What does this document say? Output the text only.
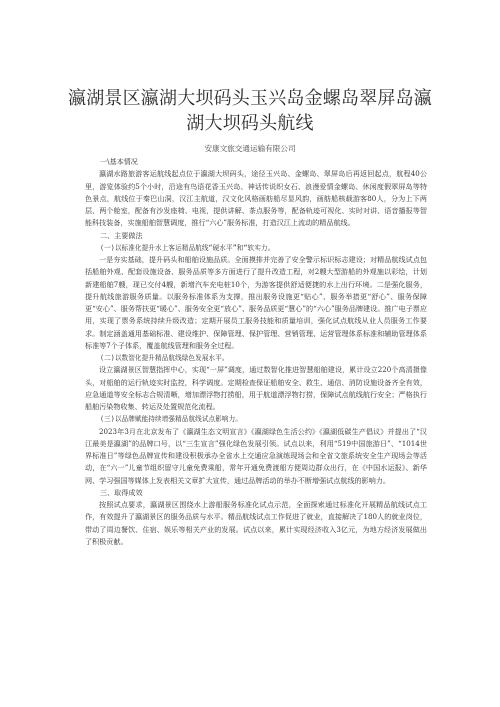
瀛湖景区瀛湖大坝码头玉兴岛金螺岛翠屏岛瀛湖大坝码头航线
安康文旅交通运输有限公司

一\基本情况

瀛湖水路旅游客运航线起点位于瀛湖大坝码头，途径玉兴岛、金螺岛、翠屏岛后再返回起点，航程40公里，游览体验约5个小时，沿途有鸟语花香玉兴岛、神话传说织女石、浪漫爱情金螺岛、休闲度假翠屏岛等特色景点，航线位于秦巴山洞，汉江主航道，汉文化风格画舫船尽显风韵，画舫船核载游客80人，分为上下两层、两个舱室，配备有沙发座椅、电视，提供讲解、茶点服务等，配备轨迹可视化、实时对讲、语音播报等智能科技装备，实施船舶智慧调度，推行“六心”服务标准，打造汉江上流动的精品航线。

二、主要做法

(一)以标准化提升水上客运精品航线“硬水平”和“软实力。

一是夯实基础，提升码头和船舶设施品质。全面摸排并完善了安全警示标识标志建设；对精品航线试点包括船舶外观、配套设施设备、服务品质等多方面进行了提升改造工程，对2艘大型游船的外观施以彩绘，计划新建船舶7艘，现已交付4艘，新增汽车充电桩10个，为游客提供舒适便捷的水上出行环境。二是强化服务，提升航线旅游服务质量。以服务标准体系为支撑，推出服务设施更“贴心”、服务举措更“舒心”、服务保障更“安心”、服务帮扶更“暖心”、服务安全更“放心”、服务品质更“慧心”的“六心”服务品牌建设。推广电子票应用，实现了票务系统持续升级改造；定期开展员工服务技能和质量培训，强化试点航线从业人员服务工作要求。制定涵盖通用基础标准、建设维护、保障管理、保护管理、营销管理、运营管理体系标准和辅助管理体系标准等7个子体系，覆盖航线管理和服务全过程。

(二)以数智化提升精品航线绿色发展水平。

设立瀛湖景区智慧指挥中心，实现“一屏”调度，通过数智化推进智慧船舶建设，累计设立220个高清摄像头，对船舶的运行轨迹实时监控，科学调度。定期检查保证船舶安全、救生、通信、消防设施设备齐全有效，应急通道等安全标志合规清晰，增加漂浮物打捞船，用于航道漂浮物打捞，保障试点航线航行安全；严格执行船舶污染物收集、转运及处置规范化流程。

(三)以品牌赋能持续增强精品航线试点影响力。

2023年3月在北京发布了《瀛湖生态文明宣言》《瀛湖绿色生活公约》《瀛湖低碳生产倡议》并提出了“汉江最美是瀛湖”的品牌口号，以“三生宣言”强化绿色发展引领。试点以来，利用“519中国旅游日”、“1014世界标准日”等绿色品牌宣传和建设积极承办全省水上交通应急演练现场会和全省文旅系统安全生产现场会等活动，在“六一”儿童节组织留守儿童免费乘船，常年开通免费渡船方便周边群众出行，在《中国水运报》、新华网、学习强国等媒体上发表相关文章扩大宣传，通过品牌活动的举办不断增强试点航线的影响力。

三、取得成效

按照试点要求，瀛湖景区围绕水上游船服务标准化试点示范，全面探索通过标准化开展精品航线试点工作，有效提升了瀛湖景区的服务品质与水平。精品航线试点工作促进了就业，直接解决了180人的就业岗位，带动了周边餐饮、住宿、娱乐等相关产业的发展。试点以来，累计实现经济收入3亿元，为地方经济发展做出了积极贡献。
